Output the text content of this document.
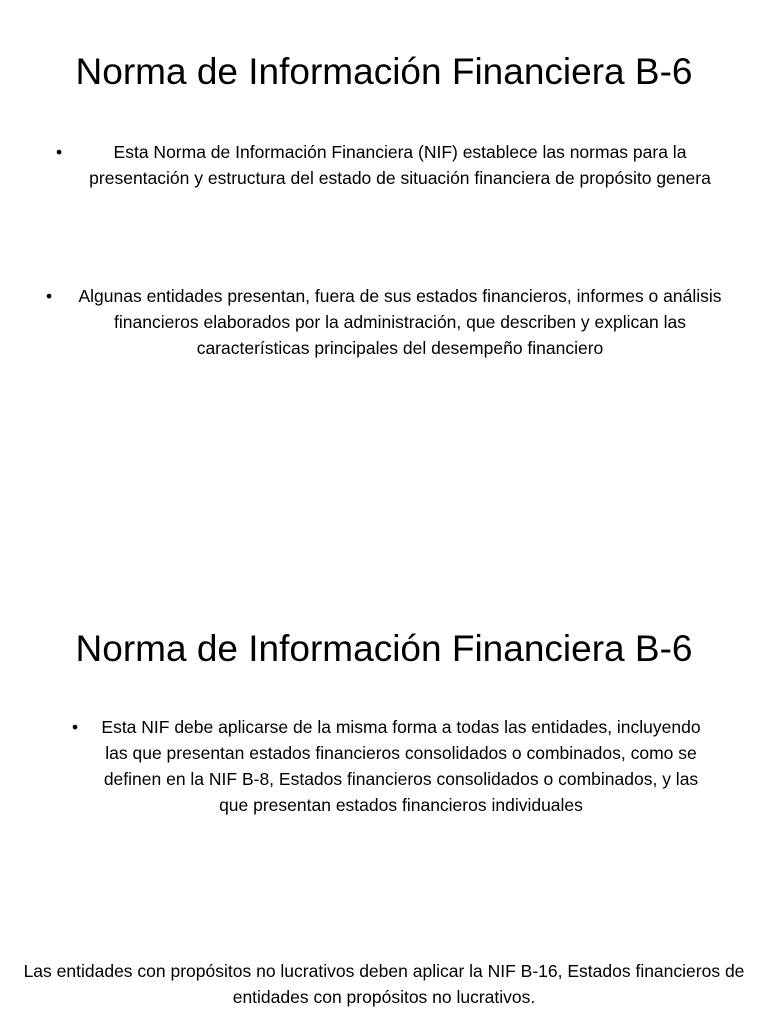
Norma de Información Financiera B-6
•	Esta Norma de Información Financiera (NIF) establece las normas para la presentación y estructura del estado de situación financiera de propósito genera
• Algunas entidades presentan, fuera de sus estados financieros, informes o análisis financieros elaborados por la administración, que describen y explican las características principales del desempeño financiero
Norma de Información Financiera B-6
• Esta NIF debe aplicarse de la misma forma a todas las entidades, incluyendo las que presentan estados financieros consolidados o combinados, como se definen en la NIF B-8, Estados financieros consolidados o combinados, y las que presentan estados financieros individuales

Las entidades con propósitos no lucrativos deben aplicar la NIF B-16, Estados financieros de entidades con propósitos no lucrativos.
